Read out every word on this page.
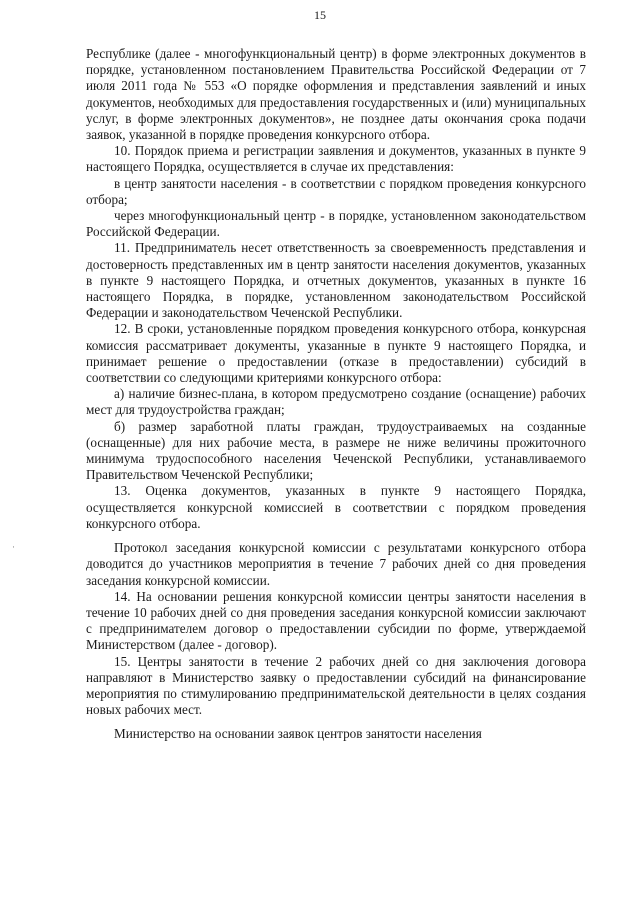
15
·

Республике (далее - многофункциональный центр) в форме электронных документов в порядке, установленном постановлением Правительства Российской Федерации от 7 июля 2011 года № 553 «О порядке оформления и представления заявлений и иных документов, необходимых для предоставления государственных и (или) муниципальных услуг, в форме электронных документов», не позднее даты окончания срока подачи заявок, указанной в порядке проведения конкурсного отбора.

10. Порядок приема и регистрации заявления и документов, указанных в пункте 9 настоящего Порядка, осуществляется в случае их представления:

в центр занятости населения - в соответствии с порядком проведения конкурсного отбора;

через многофункциональный центр - в порядке, установленном законодательством Российской Федерации.

11. Предприниматель несет ответственность за своевременность представления и достоверность представленных им в центр занятости населения документов, указанных в пункте 9 настоящего Порядка, и отчетных документов, указанных в пункте 16 настоящего Порядка, в порядке, установленном законодательством Российской Федерации и законодательством Чеченской Республики.

12. В сроки, установленные порядком проведения конкурсного отбора, конкурсная комиссия рассматривает документы, указанные в пункте 9 настоящего Порядка, и принимает решение о предоставлении (отказе в предоставлении) субсидий в соответствии со следующими критериями конкурсного отбора:

а) наличие бизнес-плана, в котором предусмотрено создание (оснащение) рабочих мест для трудоустройства граждан;

б) размер заработной платы граждан, трудоустраиваемых на созданные (оснащенные) для них рабочие места, в размере не ниже величины прожиточного минимума трудоспособного населения Чеченской Республики, устанавливаемого Правительством Чеченской Республики;

13. Оценка документов, указанных в пункте 9 настоящего Порядка, осуществляется конкурсной комиссией в соответствии с порядком проведения конкурсного отбора.

Протокол заседания конкурсной комиссии с результатами конкурсного отбора доводится до участников мероприятия в течение 7 рабочих дней со дня проведения заседания конкурсной комиссии.

14. На основании решения конкурсной комиссии центры занятости населения в течение 10 рабочих дней со дня проведения заседания конкурсной комиссии заключают с предпринимателем договор о предоставлении субсидии по форме, утверждаемой Министерством (далее - договор).

15. Центры занятости в течение 2 рабочих дней со дня заключения договора направляют в Министерство заявку о предоставлении субсидий на финансирование мероприятия по стимулированию предпринимательской деятельности в целях создания новых рабочих мест.

Министерство на основании заявок центров занятости населения
